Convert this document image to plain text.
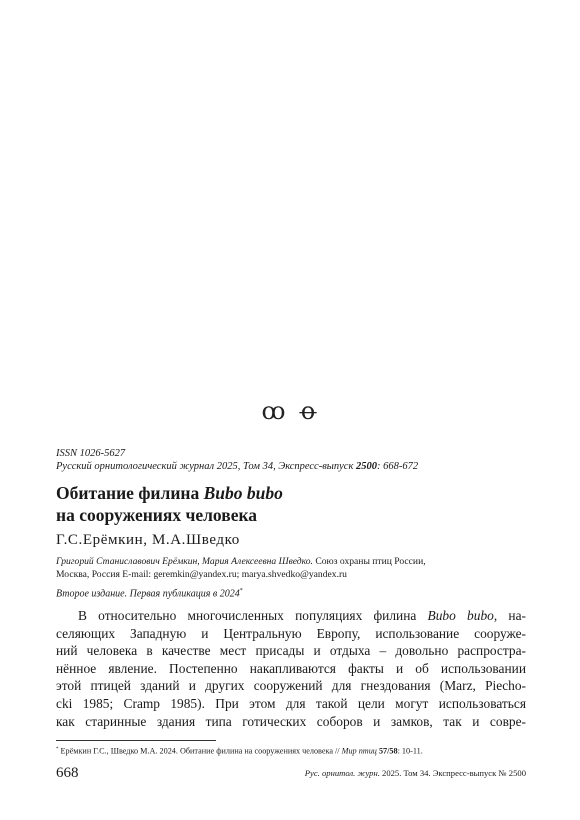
ꝏ ꝋ
ISSN 1026-5627
Русский орнитологический журнал 2025, Том 34, Экспресс-выпуск 2500: 668-672
Обитание филина Bubo bubo
на сооружениях человека
Г.С.Ерёмкин, М.А.Шведко
Григорий Станиславович Ерёмкин, Мария Алексеевна Шведко. Союз охраны птиц России,
Москва, Россия E-mail: geremkin@yandex.ru; marya.shvedko@yandex.ru
Второе издание. Первая публикация в 2024*
В относительно многочисленных популяциях филина Bubo bubo, на-
селяющих Западную и Центральную Европу, использование сооруже-
ний человека в качестве мест присады и отдыха – довольно распростра-
нённое явление. Постепенно накапливаются факты и об использовании
этой птицей зданий и других сооружений для гнездования (Marz, Piecho-
cki 1985; Cramp 1985). При этом для такой цели могут использоваться
как старинные здания типа готических соборов и замков, так и совре-
* Ерёмкин Г.С., Шведко М.А. 2024. Обитание филина на сооружениях человека // Мир птиц 57/58: 10-11.
668	Рус. орнитол. журн. 2025. Том 34. Экспресс-выпуск № 2500
